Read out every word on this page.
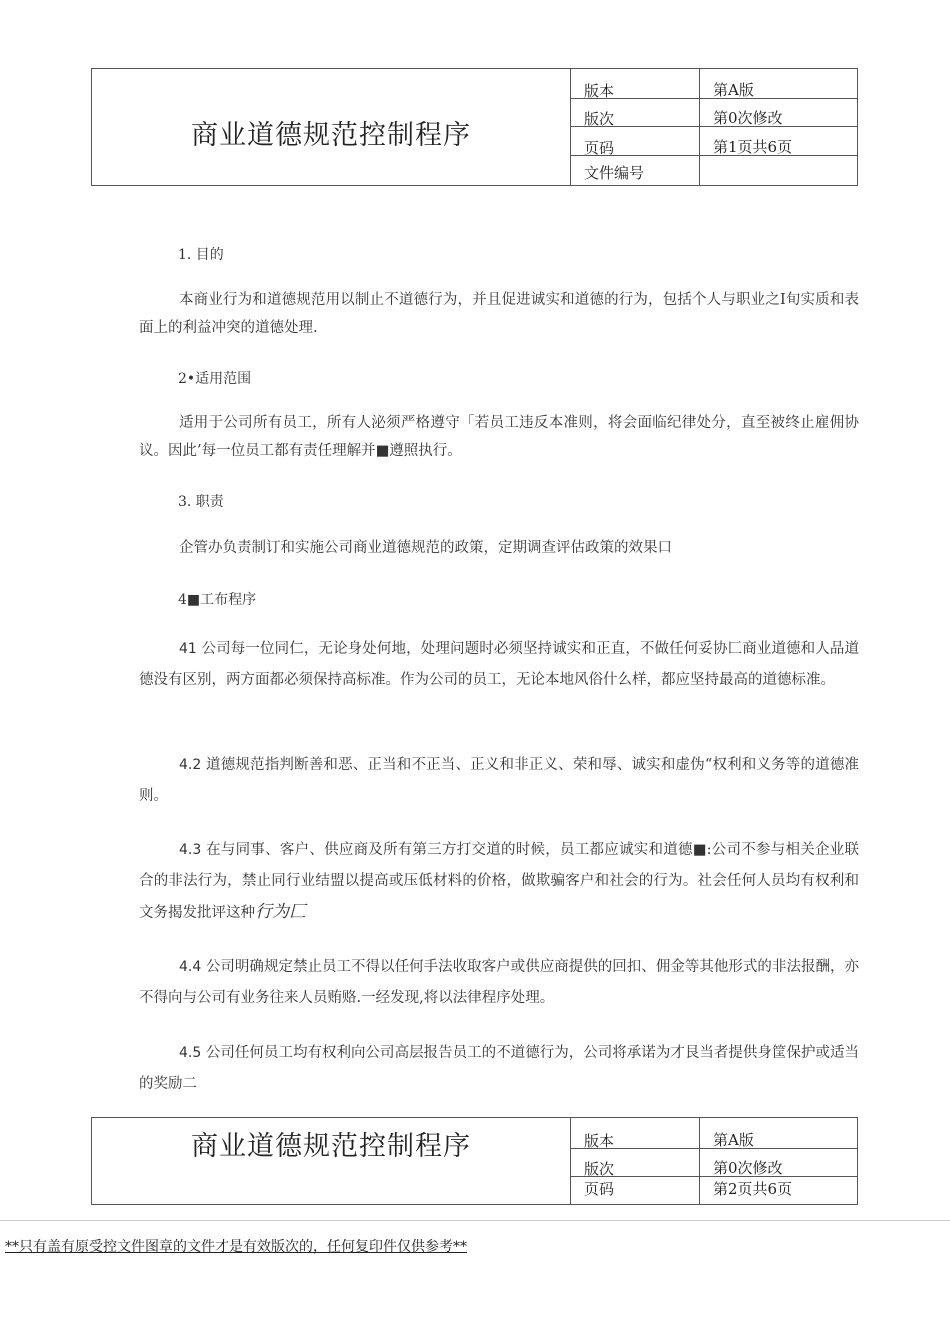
商业道德规范控制程序
版本	第A版
版次	第0次修改
页码	第1页共6页
文件编号
1. 目的

本商业行为和道德规范用以制止不道德行为，并且促进诚实和道德的行为，包括个人与职业之I旬实质和表面上的利益冲突的道德处理.

2•适用范围

适用于公司所有员工，所有人泌须严格遵守「若员工违反本准则，将会面临纪律处分，直至被终止雇佣协议。因此’每一位员工都有责任理解并■遵照执行。

3. 职责

企管办负责制订和实施公司商业道德规范的政策，定期调查评估政策的效果口

4■工布程序

41 公司每一位同仁，无论身处何地，处理问题时必须坚持诚实和正直，不做任何妥协匚商业道德和人品道德没有区别，两方面都必须保持高标准。作为公司的员工，无论本地风俗什么样，都应坚持最高的道德标准。

4.2 道德规范指判断善和恶、正当和不正当、正义和非正义、荣和辱、诚实和虚伪“权利和义务等的道德准则。

4.3 在与同事、客户、供应商及所有第三方打交道的时候，员工都应诚实和道德■:公司不参与相关企业联合的非法行为，禁止同行业结盟以提高或压低材料的价格，做欺骗客户和社会的行为。社会任何人员均有权利和文务揭发批评这种行为匚

4.4 公司明确规定禁止员工不得以任何手法收取客户或供应商提供的回扣、佣金等其他形式的非法报酬，亦不得向与公司有业务往来人员贿赂.一经发现,将以法律程序处理。

4.5 公司任何员工均有权利向公司高层报告员工的不道德行为，公司将承诺为才艮当者提供身筐保护或适当的奖励二

商业道德规范控制程序	版本	第A版
版次	第0次修改
页码	第2页共6页
**只有盖有原受控文件图章的文件才是有效版次的，任何复印件仅供参考**
